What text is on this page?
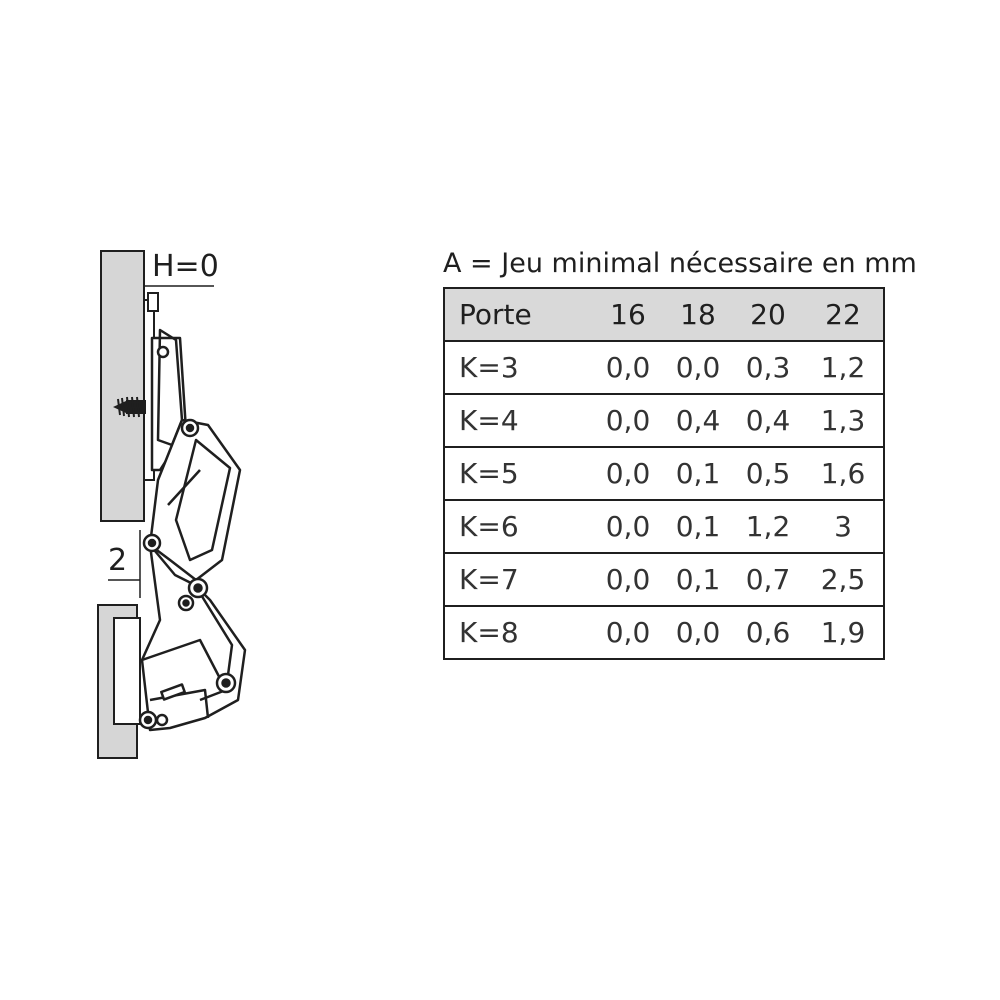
H=0
2
A = Jeu minimal nécessaire en mm
Porte	16	18	20	22
K=3	0,0	0,0	0,3	1,2
K=4	0,0	0,4	0,4	1,3
K=5	0,0	0,1	0,5	1,6
K=6	0,0	0,1	1,2	3
K=7	0,0	0,1	0,7	2,5
K=8	0,0	0,0	0,6	1,9
